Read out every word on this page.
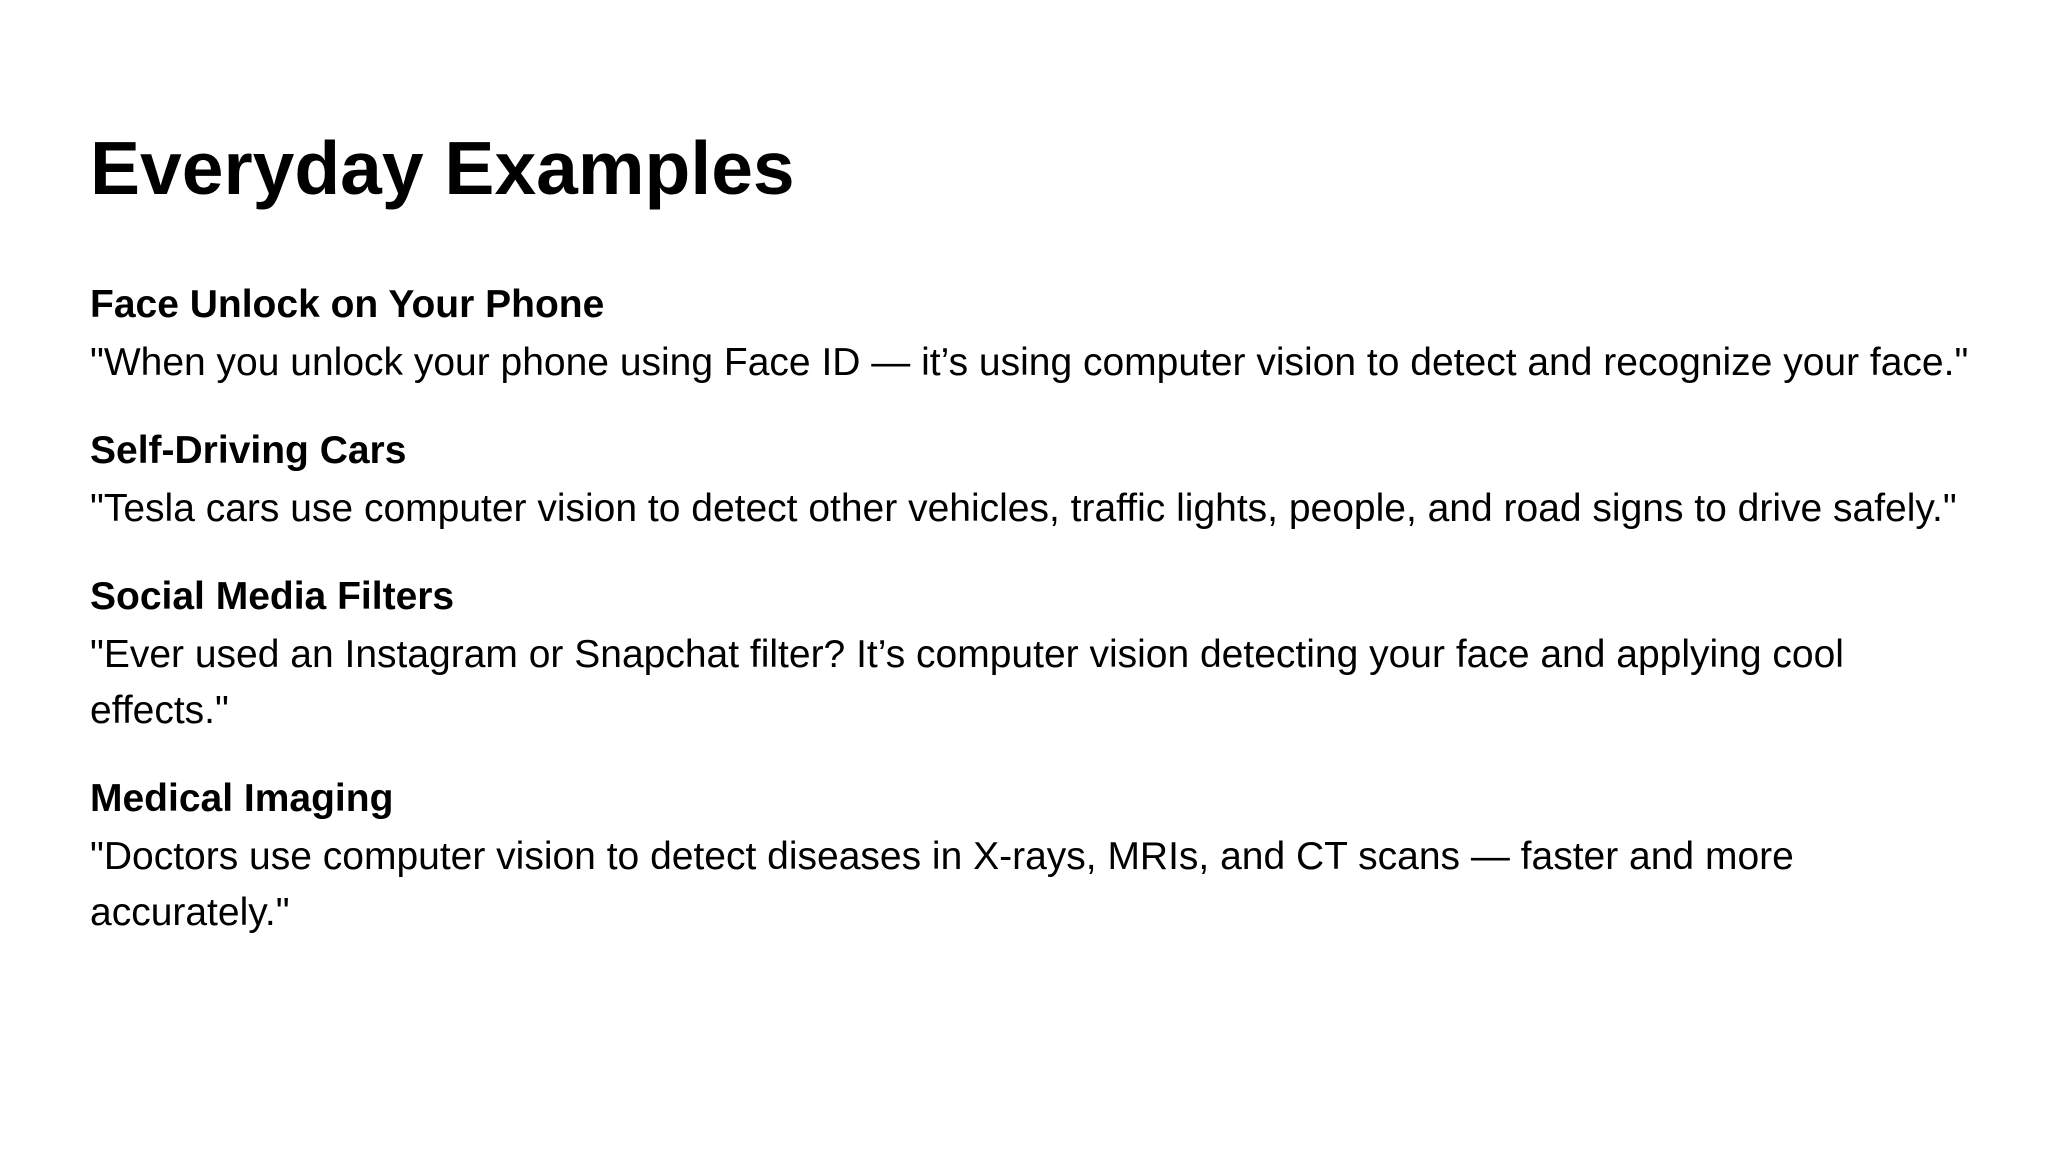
Everyday Examples
Face Unlock on Your Phone
"When you unlock your phone using Face ID — it’s using computer vision to detect and recognize your face."
Self-Driving Cars
"Tesla cars use computer vision to detect other vehicles, traffic lights, people, and road signs to drive safely."
Social Media Filters
"Ever used an Instagram or Snapchat filter? It’s computer vision detecting your face and applying cool effects."
Medical Imaging
"Doctors use computer vision to detect diseases in X-rays, MRIs, and CT scans — faster and more accurately."
